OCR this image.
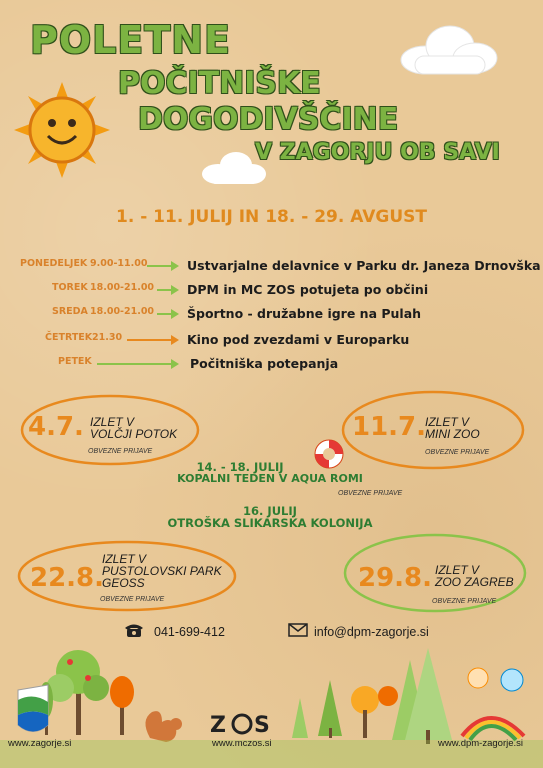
POLETNE
POČITNIŠKE
DOGODIVŠČINE
V ZAGORJU OB SAVI
1. - 11. JULIJ IN 18. - 29. AVGUST
PONEDELJEK 9.00-11.00	Ustvarjalne delavnice v Parku dr. Janeza Drnovška
TOREK 18.00-21.00	DPM in MC ZOS potujeta po občini
SREDA 18.00-21.00	Športno - družabne igre na Pulah
ČETRTEK 21.30	Kino pod zvezdami v Europarku
PETEK	Počitniška potepanja
4.7. IZLET V
VOLČJI POTOK
OBVEZNE PRIJAVE
11.7.
IZLET V
MINI ZOO
OBVEZNE PRIJAVE
14. - 18. JULIJ
KOPALNI TEDEN V AQUA ROMI
OBVEZNE PRIJAVE
16. JULIJ
OTROŠKA SLIKARSKA KOLONIJA
22.8.
IZLET V
PUSTOLOVSKI PARK
GEOSS
OBVEZNE PRIJAVE
29.8. IZLET V
ZOO ZAGREB
OBVEZNE PRIJAVE
041-699-412	info@dpm-zagorje.si
Z S
www.zagorje.si	www.mczos.si	www.dpm-zagorje.si
